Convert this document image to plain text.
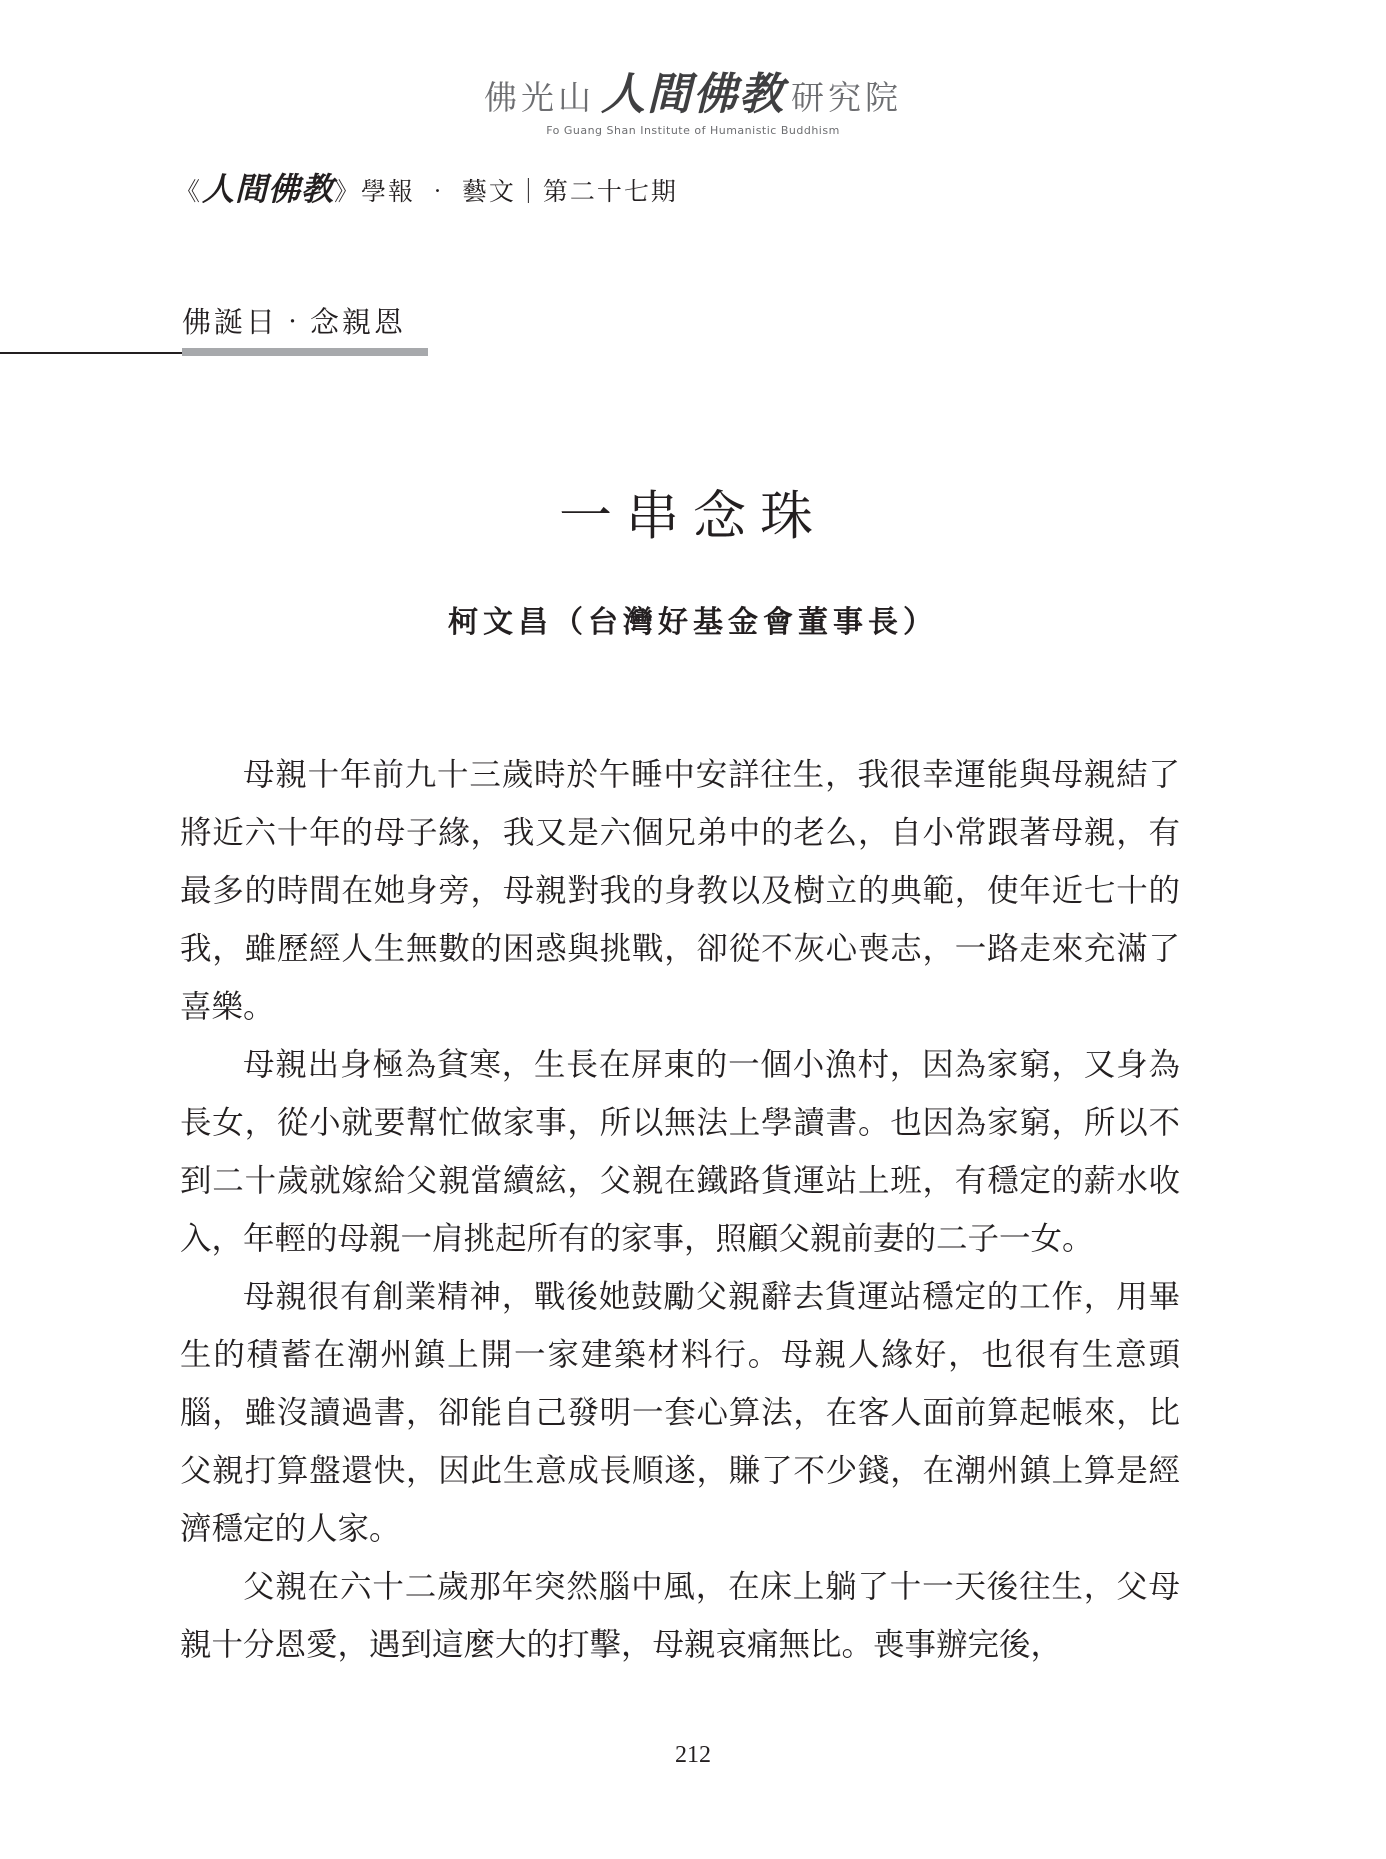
佛光山 人間佛教 研究院
Fo Guang Shan Institute of Humanistic Buddhism
《人間佛教》學報 ‧ 藝文｜第二十七期
佛誕日‧念親恩
一串念珠
柯文昌（台灣好基金會董事長）

母親十年前九十三歲時於午睡中安詳往生，我很幸運能與母親結了將近六十年的母子緣，我又是六個兄弟中的老么，自小常跟著母親，有最多的時間在她身旁，母親對我的身教以及樹立的典範，使年近七十的我，雖歷經人生無數的困惑與挑戰，卻從不灰心喪志，一路走來充滿了喜樂。

母親出身極為貧寒，生長在屏東的一個小漁村，因為家窮，又身為長女，從小就要幫忙做家事，所以無法上學讀書。也因為家窮，所以不到二十歲就嫁給父親當續絃，父親在鐵路貨運站上班，有穩定的薪水收入，年輕的母親一肩挑起所有的家事，照顧父親前妻的二子一女。

母親很有創業精神，戰後她鼓勵父親辭去貨運站穩定的工作，用畢生的積蓄在潮州鎮上開一家建築材料行。母親人緣好，也很有生意頭腦，雖沒讀過書，卻能自己發明一套心算法，在客人面前算起帳來，比父親打算盤還快，因此生意成長順遂，賺了不少錢，在潮州鎮上算是經濟穩定的人家。

父親在六十二歲那年突然腦中風，在床上躺了十一天後往生，父母親十分恩愛，遇到這麼大的打擊，母親哀痛無比。喪事辦完後，

212
